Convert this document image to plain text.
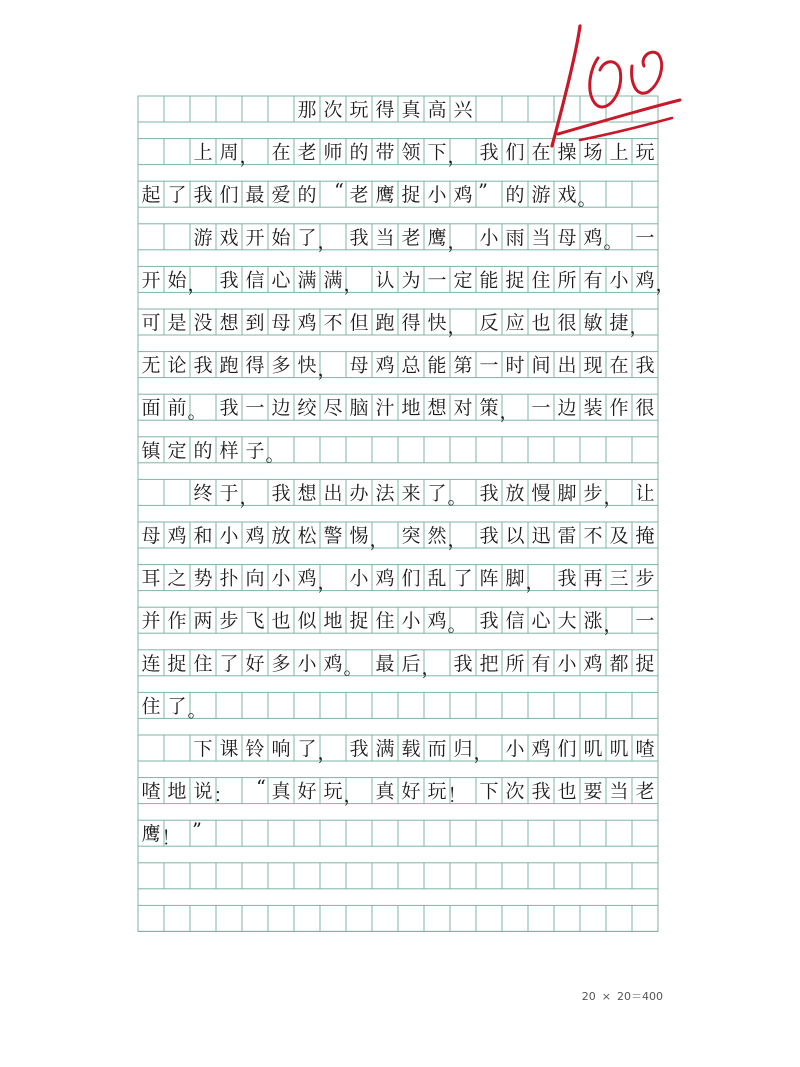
那 次 玩 得 真 高 兴
上 周 ， 在 老 师 的 带 领 下 ， 我 们 在 操 场 上 玩
起 了 我 们 最 爱 的 “ 老 鹰 捉 小 鸡 ” 的 游 戏 。
游 戏 开 始 了 ， 我 当 老 鹰 ， 小 雨 当 母 鸡 。 一
开 始 ， 我 信 心 满 满 ， 认 为 一 定 能 捉 住 所 有 小 鸡 ，
可 是 没 想 到 母 鸡 不 但 跑 得 快 ， 反 应 也 很 敏 捷 ，
无 论 我 跑 得 多 快 ， 母 鸡 总 能 第 一 时 间 出 现 在 我
面 前 。 我 一 边 绞 尽 脑 汁 地 想 对 策 ， 一 边 装 作 很
镇 定 的 样 子 。
终 于 ， 我 想 出 办 法 来 了 。 我 放 慢 脚 步 ， 让
母 鸡 和 小 鸡 放 松 警 惕 ， 突 然 ， 我 以 迅 雷 不 及 掩
耳 之 势 扑 向 小 鸡 ， 小 鸡 们 乱 了 阵 脚 ， 我 再 三 步
并 作 两 步 飞 也 似 地 捉 住 小 鸡 。 我 信 心 大 涨 ， 一
连 捉 住 了 好 多 小 鸡 。 最 后 ， 我 把 所 有 小 鸡 都 捉
住 了 。
下 课 铃 响 了 ， 我 满 载 而 归 ， 小 鸡 们 叽 叽 喳
喳 地 说 ： “ 真 好 玩 ， 真 好 玩 ！ 下 次 我 也 要 当 老
鹰 ！ ”
20 × 20＝400
